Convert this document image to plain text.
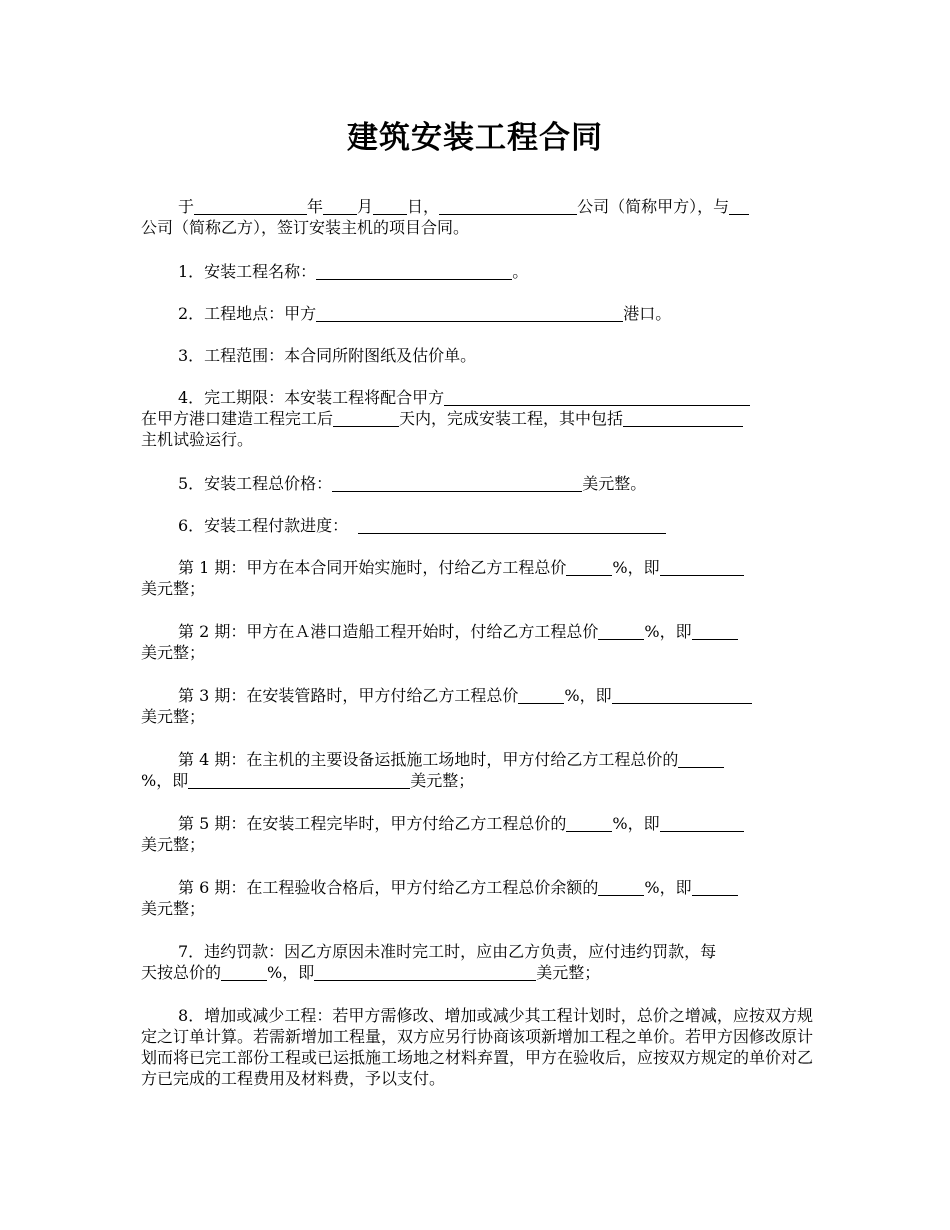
建筑安装工程合同
于	年 月 日，	公司（简称甲方），与
公司（简称乙方），签订安装主机的项目合同。
1．安装工程名称：	。
2．工程地点：甲方	港口。
3．工程范围：本合同所附图纸及估价单。
4．完工期限：本安装工程将配合甲方
在甲方港口建造工程完工后	天内，完成安装工程，其中包括
主机试验运行。
5．安装工程总价格：	美元整。
6．安装工程付款进度：
第 1 期：甲方在本合同开始实施时，付给乙方工程总价	%，即
美元整；
第 2 期：甲方在Ａ港口造船工程开始时，付给乙方工程总价	%，即
美元整；
第 3 期：在安装管路时，甲方付给乙方工程总价	%，即
美元整；
第 4 期：在主机的主要设备运抵施工场地时，甲方付给乙方工程总价的
%，即	美元整；
第 5 期：在安装工程完毕时，甲方付给乙方工程总价的	%，即
美元整；
第 6 期：在工程验收合格后，甲方付给乙方工程总价余额的	%，即
美元整；
7．违约罚款：因乙方原因未准时完工时，应由乙方负责，应付违约罚款，每
天按总价的	%，即	美元整；
8．增加或减少工程：若甲方需修改、增加或减少其工程计划时，总价之增减，应按双方规定之订单计算。若需新增加工程量，双方应另行协商该项新增加工程之单价。若甲方因修改原计划而将已完工部份工程或已运抵施工场地之材料弃置，甲方在验收后，应按双方规定的单价对乙方已完成的工程费用及材料费，予以支付。
